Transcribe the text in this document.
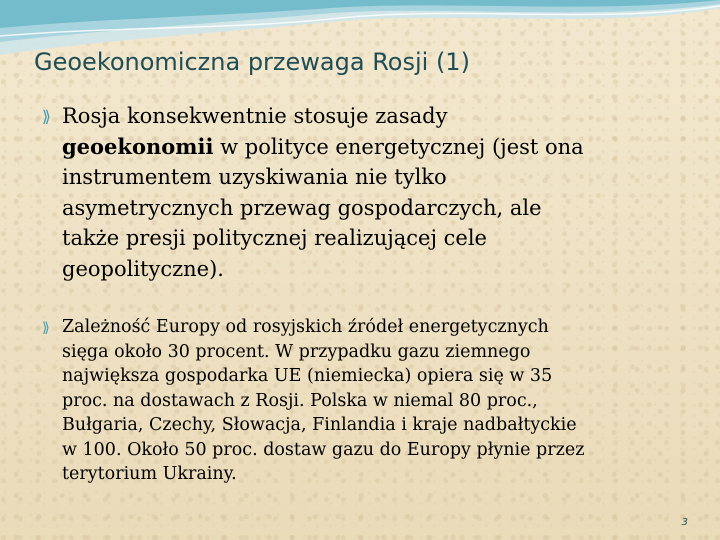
Geoekonomiczna przewaga Rosji (1)
⟫ Rosja konsekwentnie stosuje zasady
geoekonomii w polityce energetycznej (jest ona
instrumentem uzyskiwania nie tylko
asymetrycznych przewag gospodarczych, ale
także presji politycznej realizującej cele
geopolityczne).
⟫ Zależność Europy od rosyjskich źródeł energetycznych
sięga około 30 procent. W przypadku gazu ziemnego
największa gospodarka UE (niemiecka) opiera się w 35
proc. na dostawach z Rosji. Polska w niemal 80 proc.,
Bułgaria, Czechy, Słowacja, Finlandia i kraje nadbałtyckie
w 100. Około 50 proc. dostaw gazu do Europy płynie przez
terytorium Ukrainy.
3
